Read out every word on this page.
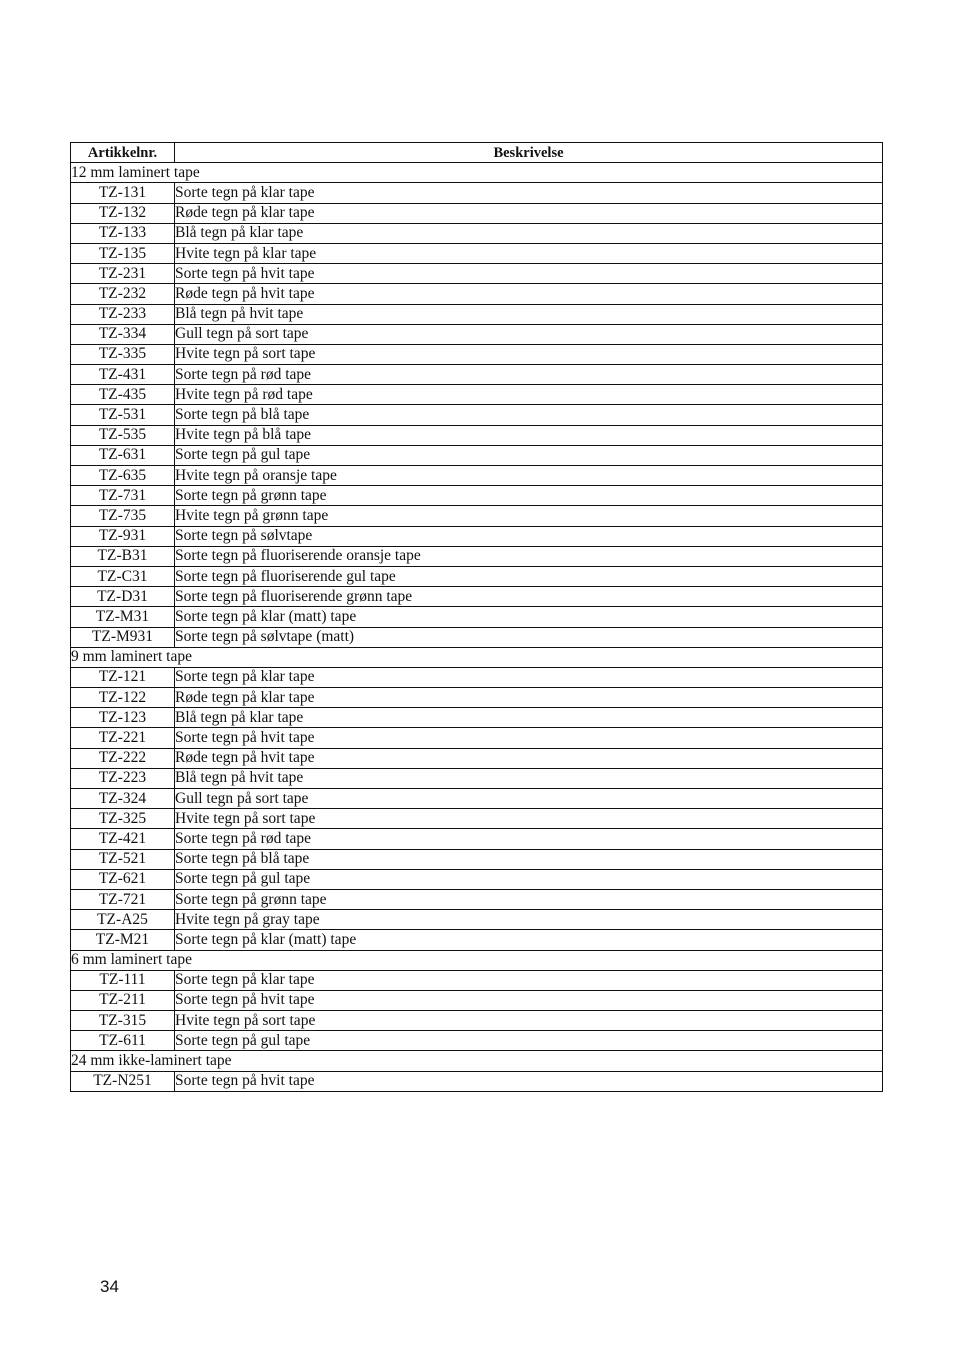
Artikkelnr.	Beskrivelse
12 mm laminert tape	
TZ-131	Sorte tegn på klar tape
TZ-132	Røde tegn på klar tape
TZ-133	Blå tegn på klar tape
TZ-135	Hvite tegn på klar tape
TZ-231	Sorte tegn på hvit tape
TZ-232	Røde tegn på hvit tape
TZ-233	Blå tegn på hvit tape
TZ-334	Gull tegn på sort tape
TZ-335	Hvite tegn på sort tape
TZ-431	Sorte tegn på rød tape
TZ-435	Hvite tegn på rød tape
TZ-531	Sorte tegn på blå tape
TZ-535	Hvite tegn på blå tape
TZ-631	Sorte tegn på gul tape
TZ-635	Hvite tegn på oransje tape
TZ-731	Sorte tegn på grønn tape
TZ-735	Hvite tegn på grønn tape
TZ-931	Sorte tegn på sølvtape
TZ-B31	Sorte tegn på fluoriserende oransje tape
TZ-C31	Sorte tegn på fluoriserende gul tape
TZ-D31	Sorte tegn på fluoriserende grønn tape
TZ-M31	Sorte tegn på klar (matt) tape
TZ-M931	Sorte tegn på sølvtape (matt)
9 mm laminert tape	
TZ-121	Sorte tegn på klar tape
TZ-122	Røde tegn på klar tape
TZ-123	Blå tegn på klar tape
TZ-221	Sorte tegn på hvit tape
TZ-222	Røde tegn på hvit tape
TZ-223	Blå tegn på hvit tape
TZ-324	Gull tegn på sort tape
TZ-325	Hvite tegn på sort tape
TZ-421	Sorte tegn på rød tape
TZ-521	Sorte tegn på blå tape
TZ-621	Sorte tegn på gul tape
TZ-721	Sorte tegn på grønn tape
TZ-A25	Hvite tegn på gray tape
TZ-M21	Sorte tegn på klar (matt) tape
6 mm laminert tape	
TZ-111	Sorte tegn på klar tape
TZ-211	Sorte tegn på hvit tape
TZ-315	Hvite tegn på sort tape
TZ-611	Sorte tegn på gul tape
24 mm ikke-laminert tape	
TZ-N251	Sorte tegn på hvit tape
34
